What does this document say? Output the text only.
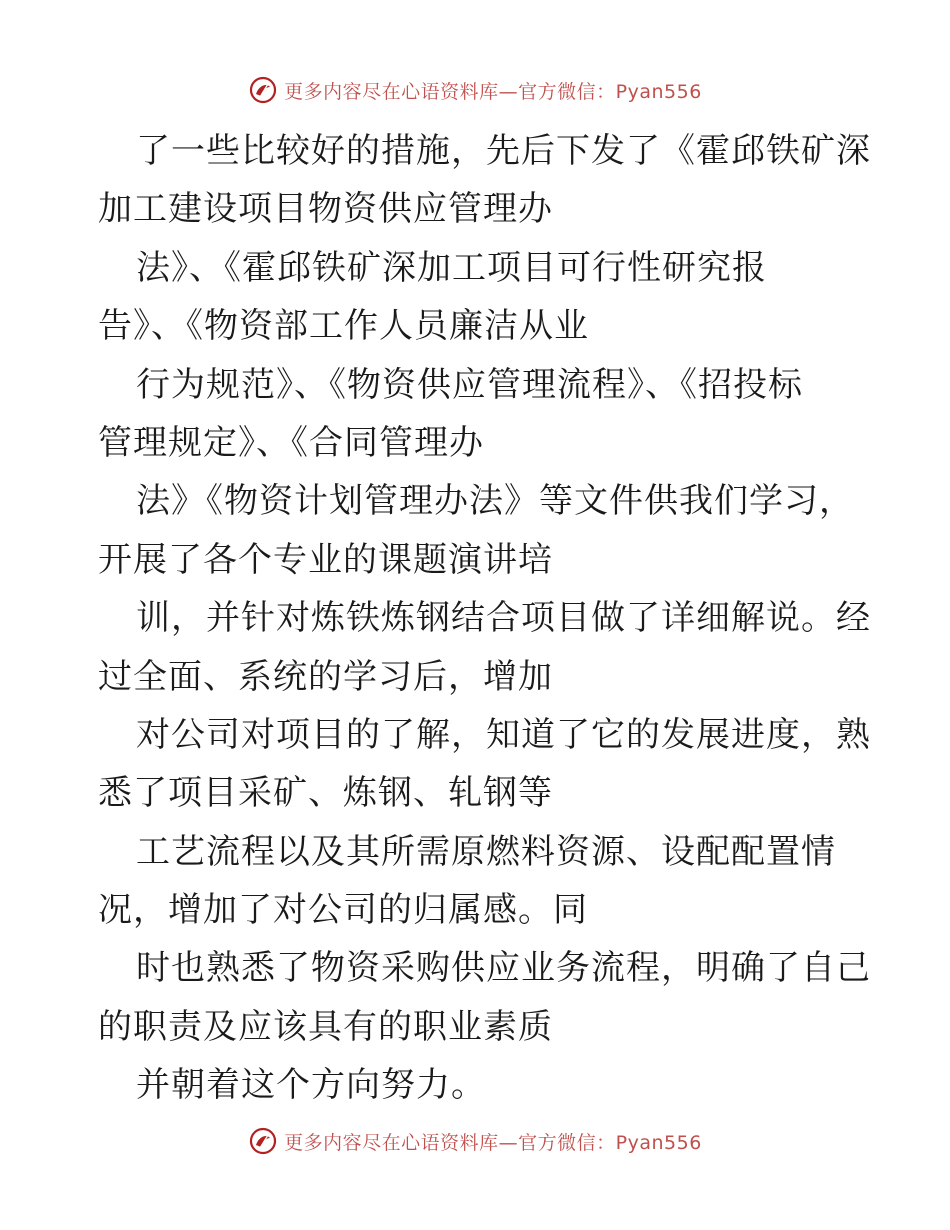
更多内容尽在心语资料库—官方微信：Pyan556
了一些比较好的措施，先后下发了《霍邱铁矿深
加工建设项目物资供应管理办
法》、《霍邱铁矿深加工项目可行性研究报
告》、《物资部工作人员廉洁从业
行为规范》、《物资供应管理流程》、《招投标
管理规定》、《合同管理办
法》《物资计划管理办法》等文件供我们学习，
开展了各个专业的课题演讲培
训，并针对炼铁炼钢结合项目做了详细解说。经
过全面、系统的学习后，增加
对公司对项目的了解，知道了它的发展进度，熟
悉了项目采矿、炼钢、轧钢等
工艺流程以及其所需原燃料资源、设配配置情
况，增加了对公司的归属感。同
时也熟悉了物资采购供应业务流程，明确了自己
的职责及应该具有的职业素质
并朝着这个方向努力。
更多内容尽在心语资料库—官方微信：Pyan556
